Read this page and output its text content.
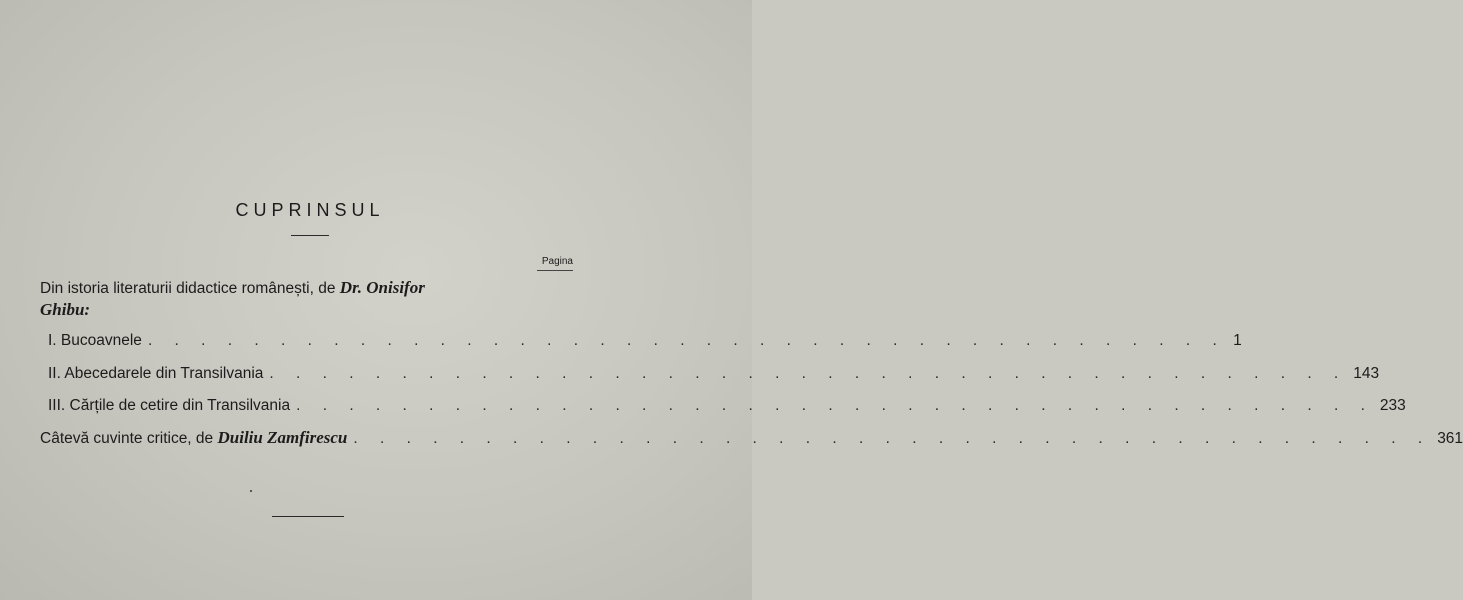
CUPRINSUL
Pagina
Din istoria literaturii didactice românești, de Dr. Onisifor
Ghibu:
I. Bucoavnele . . . . . . . . . . . . . . . . . . . . . . . . . . . . . . . . . . . . . . . . . 1
II. Abecedarele din Transilvania . . . . . . . . . . . . . . . . . . . . . . . . . . . . . . . . . . . . . . . . . 143
III. Cărțile de cetire din Transilvania . . . . . . . . . . . . . . . . . . . . . . . . . . . . . . . . . . . . . . . . . 233
Câtevă cuvinte critice, de Duiliu Zamfirescu . . . . . . . . . . . . . . . . . . . . . . . . . . . . . . . . . . . . . . . . . 361
